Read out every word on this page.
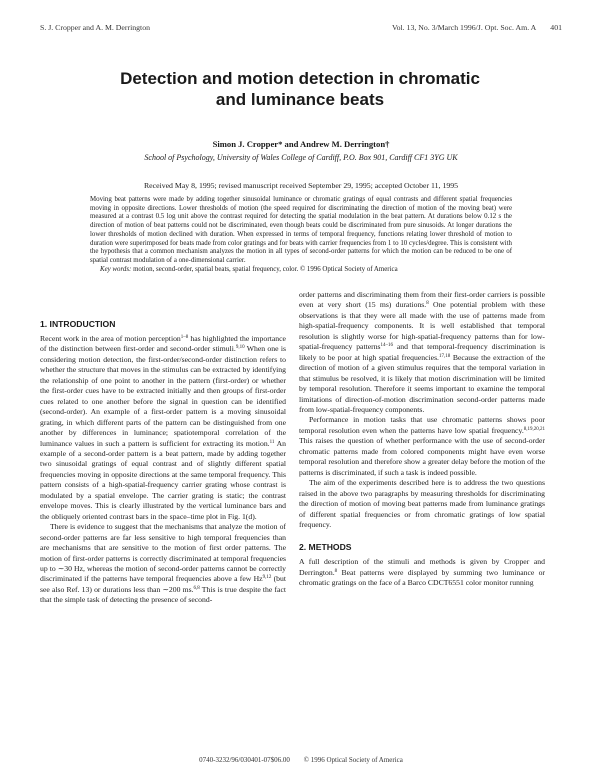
S. J. Cropper and A. M. Derrington	Vol. 13, No. 3/March 1996/J. Opt. Soc. Am. A 401
Detection and motion detection in chromatic
and luminance beats
Simon J. Cropper* and Andrew M. Derrington†
School of Psychology, University of Wales College of Cardiff, P.O. Box 901, Cardiff CF1 3YG UK
Received May 8, 1995; revised manuscript received September 29, 1995; accepted October 11, 1995

Moving beat patterns were made by adding together sinusoidal luminance or chromatic gratings of equal contrasts and different spatial frequencies moving in opposite directions. Lower thresholds of motion (the speed required for discriminating the direction of motion of the moving beat) were measured at a contrast 0.5 log unit above the contrast required for detecting the spatial modulation in the beat pattern. At durations below 0.12 s the direction of motion of beat patterns could not be discriminated, even though beats could be discriminated from pure sinusoids. At longer durations the lower thresholds of motion declined with duration. When expressed in terms of temporal frequency, functions relating lower threshold of motion to duration were superimposed for beats made from color gratings and for beats with carrier frequencies from 1 to 10 cycles/degree. This is consistent with the hypothesis that a common mechanism analyzes the motion in all types of second-order patterns for which the motion can be reduced to be one of spatial contrast modulation of a one-dimensional carrier.

Key words: motion, second-order, spatial beats, spatial frequency, color. © 1996 Optical Society of America

1. INTRODUCTION

Recent work in the area of motion perception$^{1-8}$ has highlighted the importance of the distinction between first-order and second-order stimuli.$^{9,10}$ When one is considering motion detection, the first-order/second-order distinction refers to whether the structure that moves in the stimulus can be extracted by identifying the relationship of one point to another in the pattern (first-order) or whether the first-order cues have to be extracted initially and then groups of first-order cues related to one another before the signal in question can be identified (second-order). An example of a first-order pattern is a moving sinusoidal grating, in which different parts of the pattern can be distinguished from one another by differences in luminance; spatiotemporal correlation of the luminance values in such a pattern is sufficient for extracting its motion.$^{11}$ An example of a second-order pattern is a beat pattern, made by adding together two sinusoidal gratings of equal contrast and of slightly different spatial frequencies moving in opposite directions at the same temporal frequency. This pattern consists of a high-spatial-frequency carrier grating whose contrast is modulated by a spatial envelope. The carrier grating is static; the contrast envelope moves. This is clearly illustrated by the vertical luminance bars and the obliquely oriented contrast bars in the space–time plot in Fig. 1(d).

There is evidence to suggest that the mechanisms that analyze the motion of second-order patterns are far less sensitive to high temporal frequencies than are mechanisms that are sensitive to the motion of first order patterns. The motion of first-order patterns is correctly discriminated at temporal frequencies up to ∼30 Hz, whereas the motion of second-order patterns cannot be correctly discriminated if the patterns have temporal frequencies above a few Hz$^{9,12}$ (but see also Ref. 13) or durations less than ∼200 ms.$^{6,8}$ This is true despite the fact that the simple task of detecting the presence of second-

order patterns and discriminating them from their first-order carriers is possible even at very short (15 ms) durations.$^8$ One potential problem with these observations is that they were all made with the use of patterns made from high-spatial-frequency components. It is well established that temporal resolution is slightly worse for high-spatial-frequency patterns than for low-spatial-frequency patterns$^{14-16}$ and that temporal-frequency discrimination is likely to be poor at high spatial frequencies.$^{17,18}$ Because the extraction of the direction of motion of a given stimulus requires that the temporal variation in that stimulus be resolved, it is likely that motion discrimination will be limited by temporal resolution. Therefore it seems important to examine the temporal limitations of direction-of-motion discrimination second-order patterns made from low-spatial-frequency components.

Performance in motion tasks that use chromatic patterns shows poor temporal resolution even when the patterns have low spatial frequency.$^{8,19,20,21}$ This raises the question of whether performance with the use of second-order chromatic patterns made from colored components might have even worse temporal resolution and therefore show a greater delay before the motion of the patterns is discriminated, if such a task is indeed possible.

The aim of the experiments described here is to address the two questions raised in the above two paragraphs by measuring thresholds for discriminating the direction of motion of moving beat patterns made from luminance gratings of different spatial frequencies or from chromatic gratings of low spatial frequency.

2. METHODS

A full description of the stimuli and methods is given by Cropper and Derrington.$^8$ Beat patterns were displayed by summing two luminance or chromatic gratings on the face of a Barco CDCT6551 color monitor running

0740-3232/96/030401-07$06.00 © 1996 Optical Society of America
